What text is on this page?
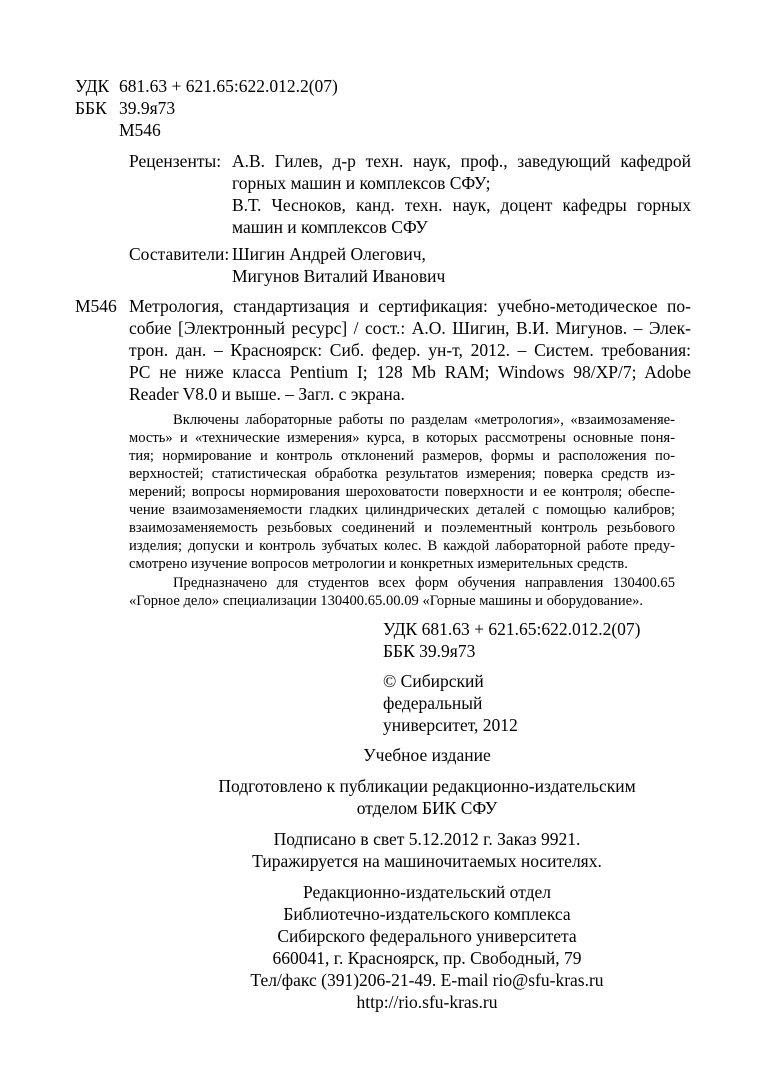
УДК 681.63 + 621.65:622.012.2(07)
ББК 39.9я73
М546
Рецензенты: А.В. Гилев, д-р техн. наук, проф., заведующий кафедрой
горных машин и комплексов СФУ;
В.Т. Чесноков, канд. техн. наук, доцент кафедры горных
машин и комплексов СФУ
Составители: Шигин Андрей Олегович,
Мигунов Виталий Иванович
М546 Метрология, стандартизация и сертификация: учебно-методическое по-
собие [Электронный ресурс] / сост.: А.О. Шигин, В.И. Мигунов. – Элек-
трон. дан. – Красноярск: Сиб. федер. ун-т, 2012. – Систем. требования:
PC не ниже класса Pentium I; 128 Mb RAM; Windows 98/XP/7; Adobe
Reader V8.0 и выше. – Загл. с экрана.
Включены лабораторные работы по разделам «метрология», «взаимозаменяе-
мость» и «технические измерения» курса, в которых рассмотрены основные поня-
тия; нормирование и контроль отклонений размеров, формы и расположения по-
верхностей; статистическая обработка результатов измерения; поверка средств из-
мерений; вопросы нормирования шероховатости поверхности и ее контроля; обеспе-
чение взаимозаменяемости гладких цилиндрических деталей с помощью калибров;
взаимозаменяемость резьбовых соединений и поэлементный контроль резьбового
изделия; допуски и контроль зубчатых колес. В каждой лабораторной работе преду-
смотрено изучение вопросов метрологии и конкретных измерительных средств.
Предназначено для студентов всех форм обучения направления 130400.65
«Горное дело» специализации 130400.65.00.09 «Горные машины и оборудование».
УДК 681.63 + 621.65:622.012.2(07)
ББК 39.9я73
© Сибирский
федеральный
университет, 2012
Учебное издание
Подготовлено к публикации редакционно-издательским
отделом БИК СФУ
Подписано в свет 5.12.2012 г. Заказ 9921.
Тиражируется на машиночитаемых носителях.
Редакционно-издательский отдел
Библиотечно-издательского комплекса
Сибирского федерального университета
660041, г. Красноярск, пр. Свободный, 79
Тел/факс (391)206-21-49. E-mail rio@sfu-kras.ru
http://rio.sfu-kras.ru
